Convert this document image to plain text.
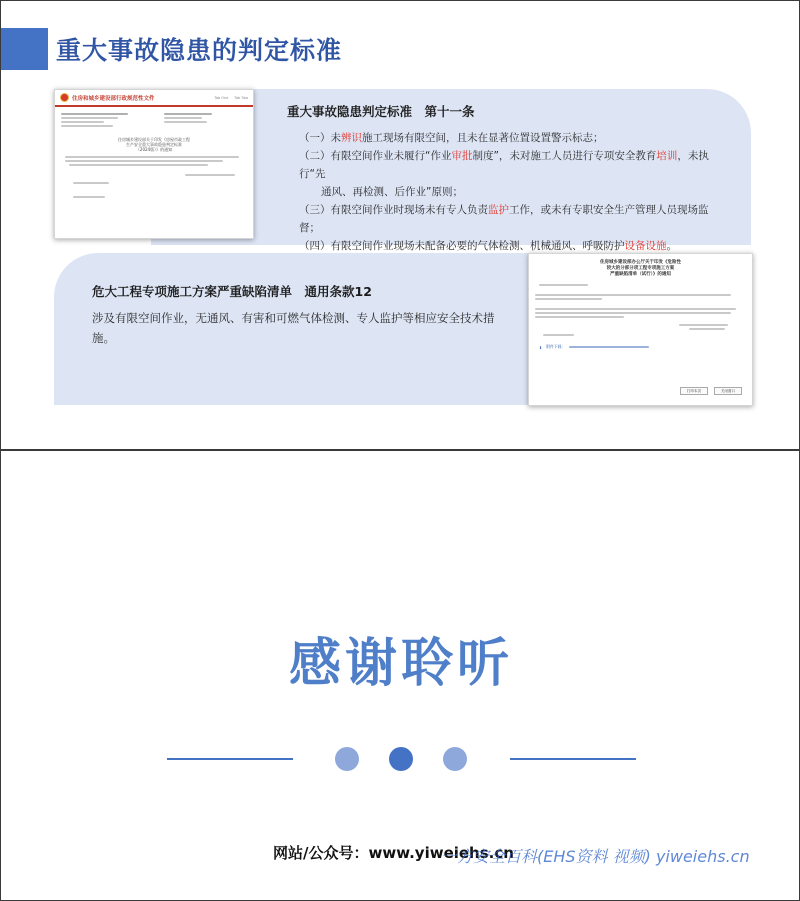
重大事故隐患的判定标准
住房和城乡建设部行政规范性文件	Tab One Tab Two
住房城乡建设部关于印发《房屋市政工程
生产安全重大事故隐患判定标准
（2024版）》的通知
重大事故隐患判定标准　第十一条
（一）未辨识施工现场有限空间，且未在显著位置设置警示标志；
（二）有限空间作业未履行“作业审批制度”，未对施工人员进行专项安全教育培训，未执行“先
通风、再检测、后作业”原则；
（三）有限空间作业时现场未有专人负责监护工作，或未有专职安全生产管理人员现场监督；
（四）有限空间作业现场未配备必要的气体检测、机械通风、呼吸防护设备设施。
危大工程专项施工方案严重缺陷清单　通用条款12
涉及有限空间作业，无通风、有害和可燃气体检测、专人监护等相应安全技术措施。
住房城乡建设部办公厅关于印发《危险性
较大的分部分项工程专项施工方案
严重缺陷清单（试行）》的通知
⬇ 附件下载：
打印本页	关闭窗口
感谢聆听
网站/公众号：www.yiweiehs.cn
一方安全百科(EHS资料 视频) yiweiehs.cn
